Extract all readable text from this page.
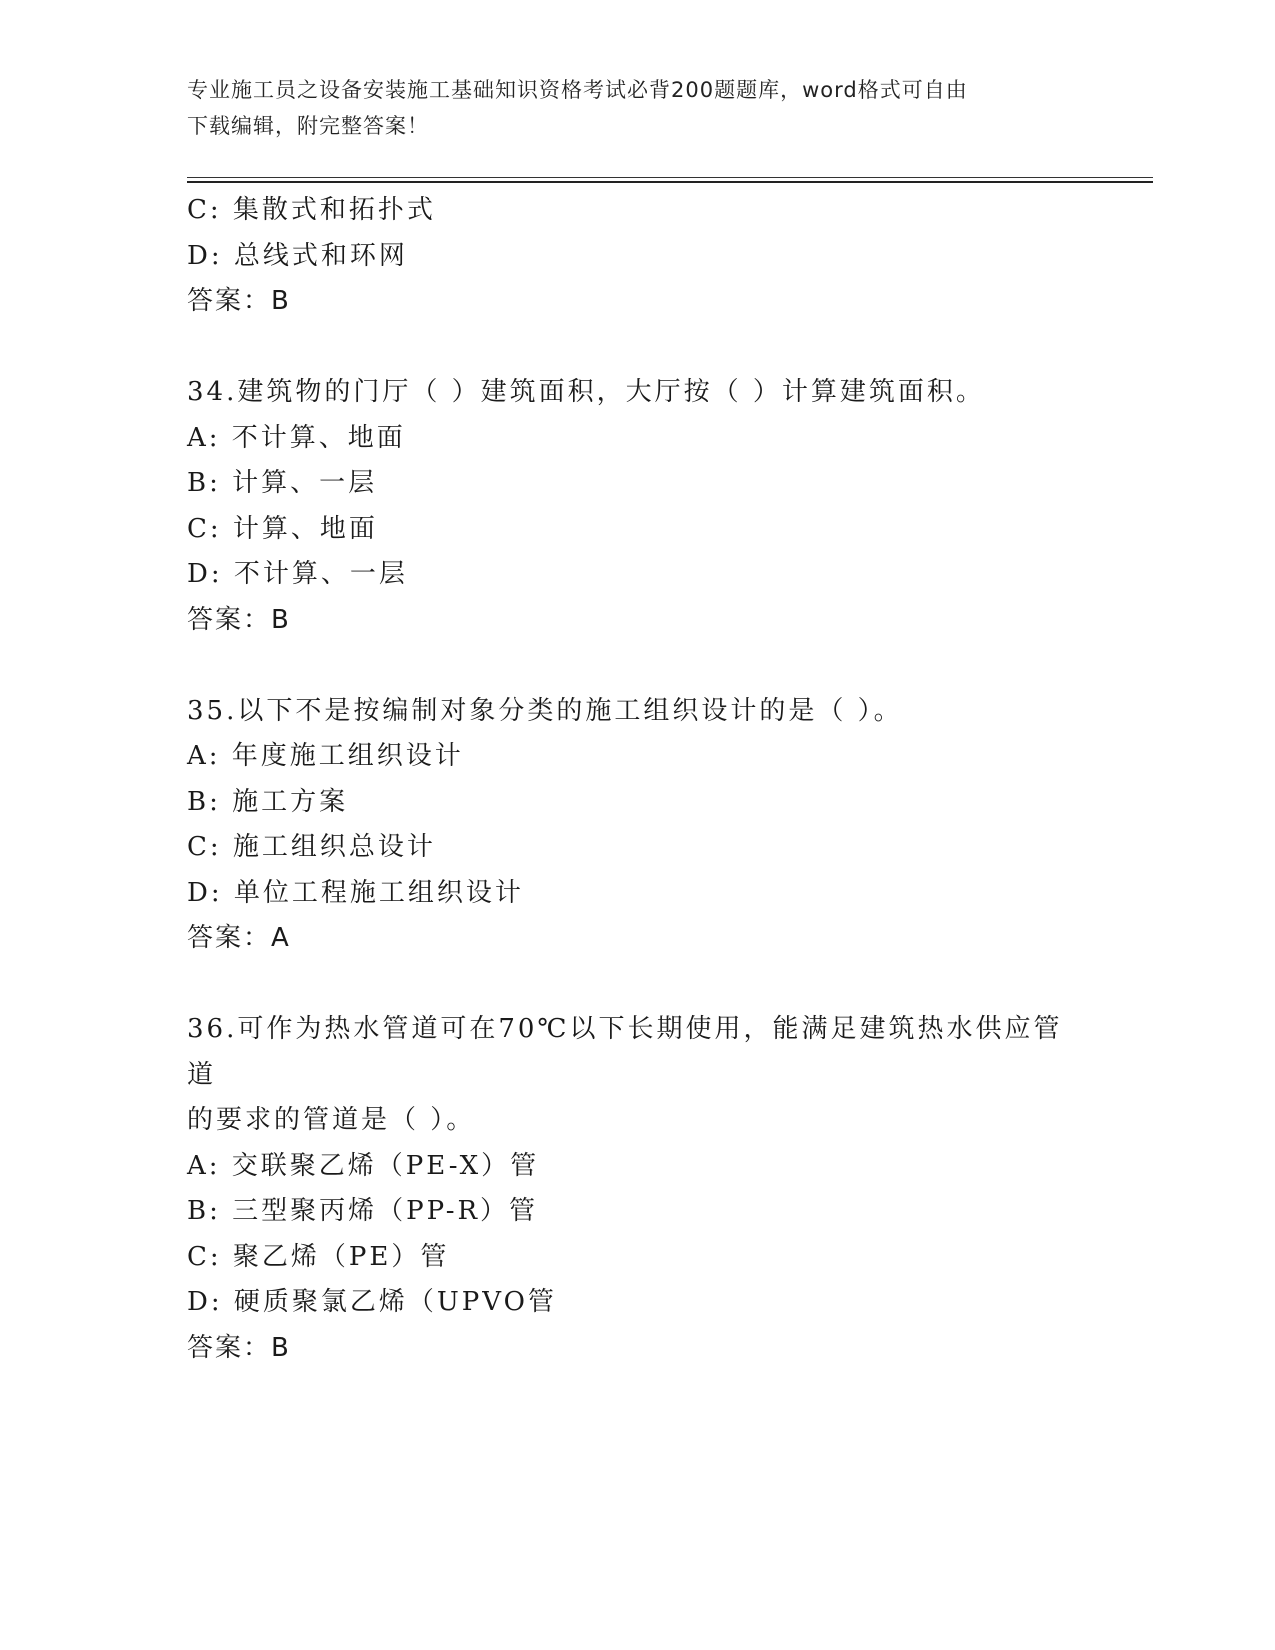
专业施工员之设备安装施工基础知识资格考试必背200题题库，word格式可自由
下载编辑，附完整答案！
C: 集散式和拓扑式
D: 总线式和环网
答案：B
34.建筑物的门厅（ ）建筑面积，大厅按（ ）计算建筑面积。
A: 不计算、地面
B: 计算、一层
C: 计算、地面
D: 不计算、一层
答案：B
35.以下不是按编制对象分类的施工组织设计的是（ ）。
A: 年度施工组织设计
B: 施工方案
C: 施工组织总设计
D: 单位工程施工组织设计
答案：A
36.可作为热水管道可在70℃以下长期使用，能满足建筑热水供应管道
的要求的管道是（ ）。
A: 交联聚乙烯（PE-X）管
B: 三型聚丙烯（PP-R）管
C: 聚乙烯（PE）管
D: 硬质聚氯乙烯（UPVO管
答案：B
